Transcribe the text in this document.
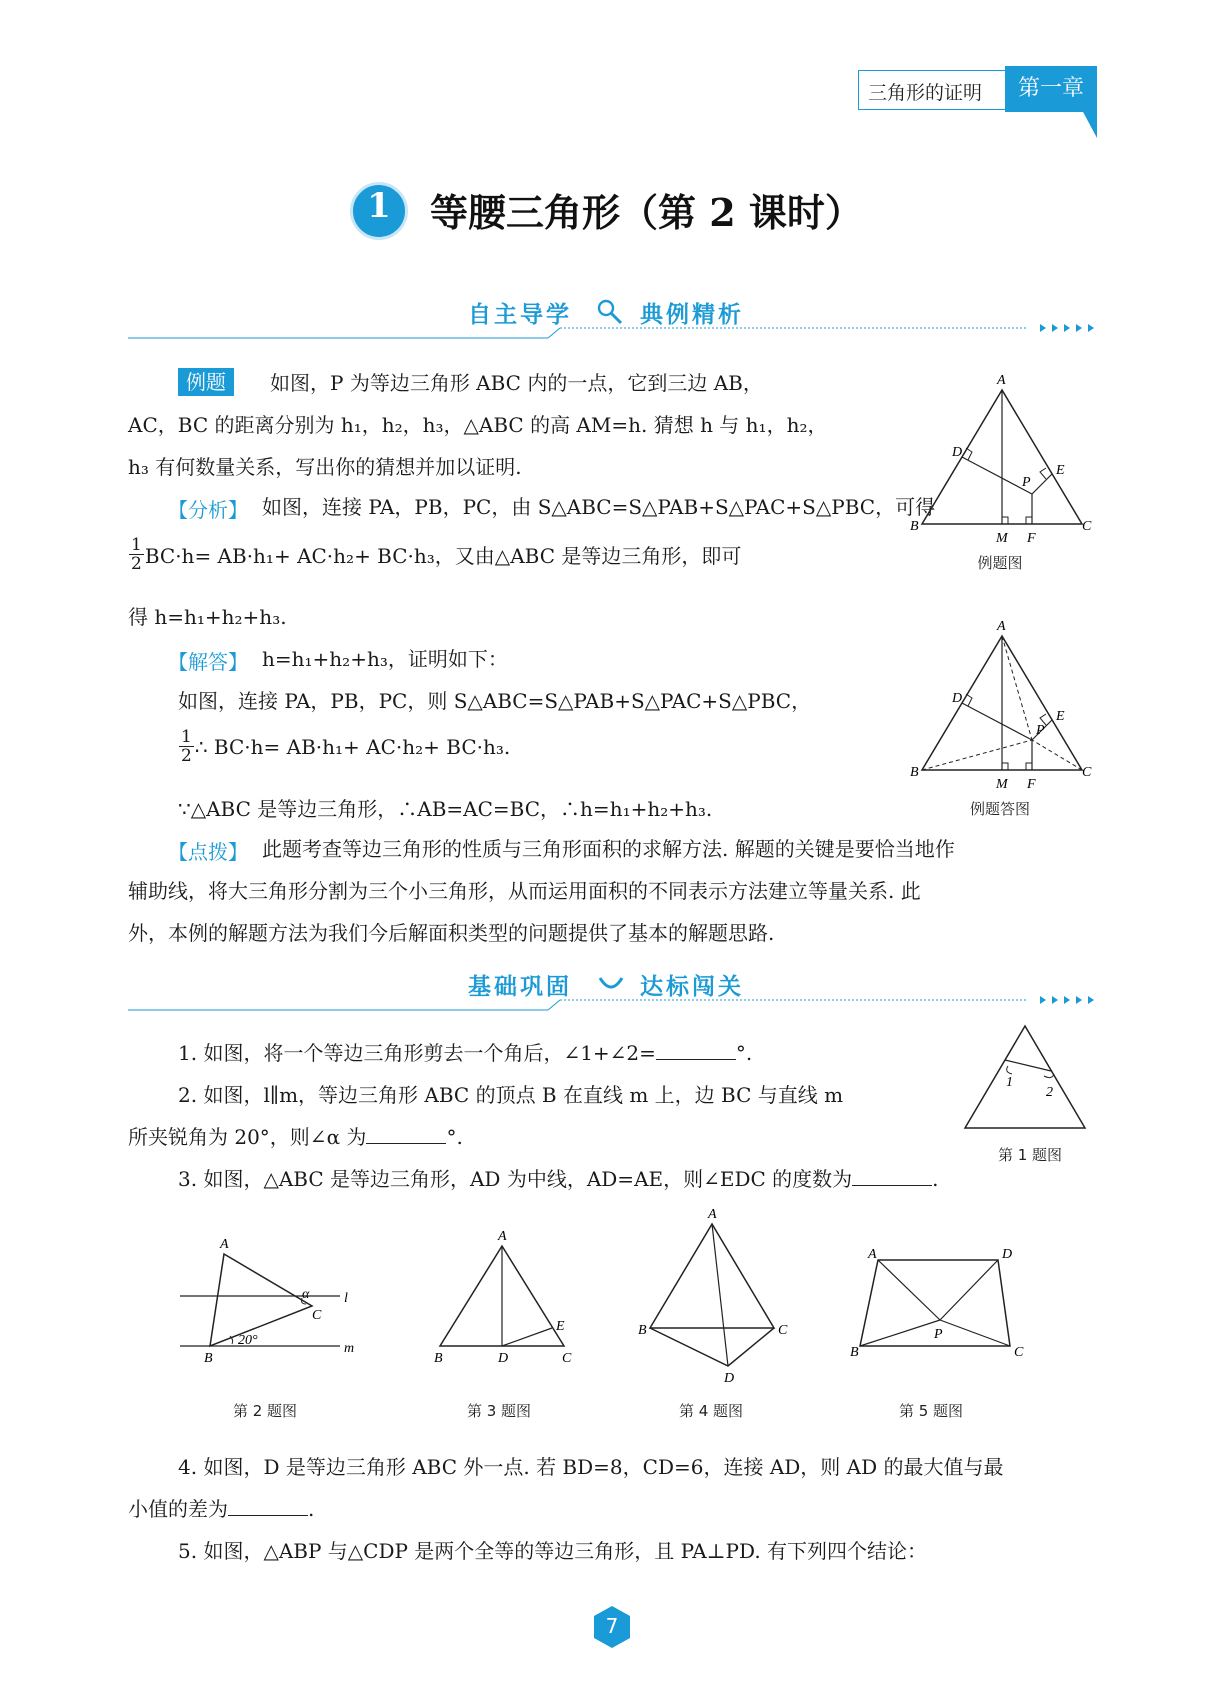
三角形的证明	第一章
1	等腰三角形（第 2 课时）
自主导学	典例精析
例题	如图，P 为等边三角形 ABC 内的一点，它到三边 AB，
AC，BC 的距离分别为 h₁，h₂，h₃，△ABC 的高 AM=h. 猜想 h 与 h₁，h₂，
h₃ 有何数量关系，写出你的猜想并加以证明.
【分析】 如图，连接 PA，PB，PC，由 S△ABC=S△PAB+S△PAC+S△PBC，可得
$\frac{1}{2} BC\cdot h= AB\cdot h_1+ AC\cdot h_2+ BC\cdot h_3$，又由△ABC 是等边三角形，即可
得 h=h₁+h₂+h₃.
【解答】 h=h₁+h₂+h₃，证明如下：
如图，连接 PA，PB，PC，则 S△ABC=S△PAB+S△PAC+S△PBC，
$\frac{1}{2}$ ∴ BC·h= AB·h₁+ AC·h₂+ BC·h₃.
∵△ABC 是等边三角形，∴AB=AC=BC，∴h=h₁+h₂+h₃.
【点拨】 此题考查等边三角形的性质与三角形面积的求解方法. 解题的关键是要恰当地作
辅助线，将大三角形分割为三个小三角形，从而运用面积的不同表示方法建立等量关系. 此
外，本例的解题方法为我们今后解面积类型的问题提供了基本的解题思路.
A
B	C
D
E
P
M F
例题图
A
B	C
D
E
P
M F
例题答图
基础巩固	达标闯关
1. 如图，将一个等边三角形剪去一个角后，∠1+∠2=	°.
2. 如图，l∥m，等边三角形 ABC 的顶点 B 在直线 m 上，边 BC 与直线 m
所夹锐角为 20°，则∠α 为	°.
3. 如图，△ABC 是等边三角形，AD 为中线，AD=AE，则∠EDC 的度数为	.
1
2
第 1 题图
A
B
C
α
20°
l
m
第 2 题图
A
B	D	C
E
第 3 题图
A
B	C
D
第 4 题图
A	D
B	C
P
第 5 题图
4. 如图，D 是等边三角形 ABC 外一点. 若 BD=8，CD=6，连接 AD，则 AD 的最大值与最
小值的差为	.
5. 如图，△ABP 与△CDP 是两个全等的等边三角形，且 PA⊥PD. 有下列四个结论：
7
